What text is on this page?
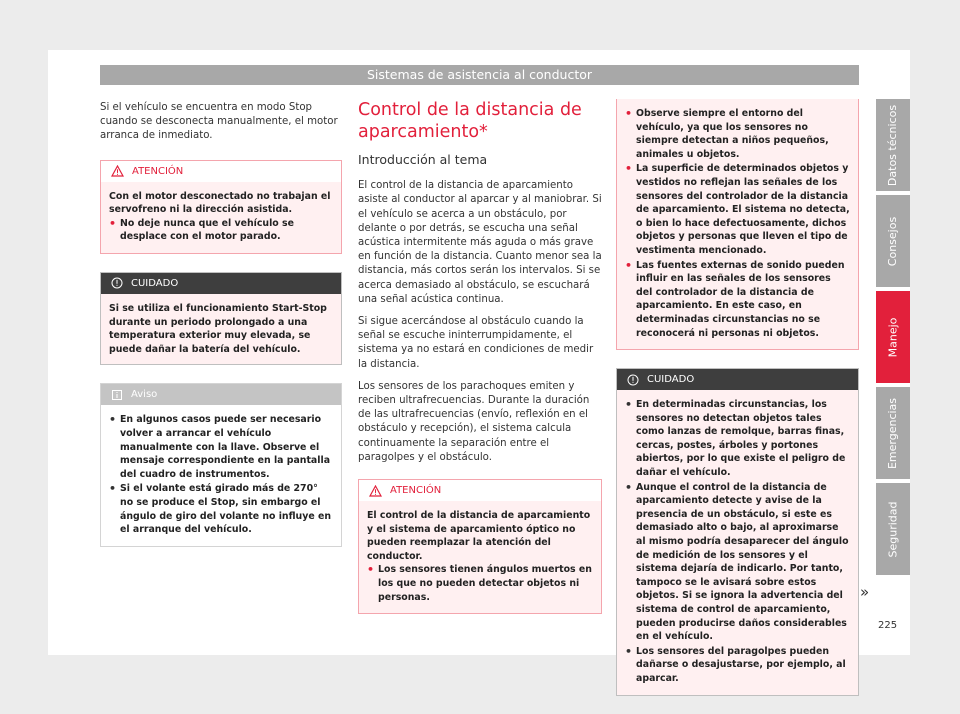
Sistemas de asistencia al conductor

Si el vehículo se encuentra en modo Stop cuando se desconecta manualmente, el motor arranca de inmediato.

ATENCIÓN
Con el motor desconectado no trabajan el servofreno ni la dirección asistida.
• No deje nunca que el vehículo se desplace con el motor parado.
CUIDADO
Si se utiliza el funcionamiento Start-Stop durante un periodo prolongado a una temperatura exterior muy elevada, se puede dañar la batería del vehículo.
Aviso
• En algunos casos puede ser necesario volver a arrancar el vehículo manualmente con la llave. Observe el mensaje correspondiente en la pantalla del cuadro de instrumentos.
• Si el volante está girado más de 270° no se produce el Stop, sin embargo el ángulo de giro del volante no influye en el arranque del vehículo.
Control de la distancia de aparcamiento*
Introducción al tema

El control de la distancia de aparcamiento asiste al conductor al aparcar y al maniobrar. Si el vehículo se acerca a un obstáculo, por delante o por detrás, se escucha una señal acústica intermitente más aguda o más grave en función de la distancia. Cuanto menor sea la distancia, más cortos serán los intervalos. Si se acerca demasiado al obstáculo, se escuchará una señal acústica continua.

Si sigue acercándose al obstáculo cuando la señal se escuche ininterrumpidamente, el sistema ya no estará en condiciones de medir la distancia.

Los sensores de los parachoques emiten y reciben ultrafrecuencias. Durante la duración de las ultrafrecuencias (envío, reflexión en el obstáculo y recepción), el sistema calcula continuamente la separación entre el paragolpes y el obstáculo.

ATENCIÓN
El control de la distancia de aparcamiento y el sistema de aparcamiento óptico no pueden reemplazar la atención del conductor.
• Los sensores tienen ángulos muertos en los que no pueden detectar objetos ni personas.
• Observe siempre el entorno del vehículo, ya que los sensores no siempre detectan a niños pequeños, animales u objetos.
• La superficie de determinados objetos y vestidos no reflejan las señales de los sensores del controlador de la distancia de aparcamiento. El sistema no detecta, o bien lo hace defectuosamente, dichos objetos y personas que lleven el tipo de vestimenta mencionado.
• Las fuentes externas de sonido pueden influir en las señales de los sensores del controlador de la distancia de aparcamiento. En este caso, en determinadas circunstancias no se reconocerá ni personas ni objetos.
CUIDADO
• En determinadas circunstancias, los sensores no detectan objetos tales como lanzas de remolque, barras finas, cercas, postes, árboles y portones abiertos, por lo que existe el peligro de dañar el vehículo.
• Aunque el control de la distancia de aparcamiento detecte y avise de la presencia de un obstáculo, si este es demasiado alto o bajo, al aproximarse al mismo podría desaparecer del ángulo de medición de los sensores y el sistema dejaría de indicarlo. Por tanto, tampoco se le avisará sobre estos objetos. Si se ignora la advertencia del sistema de control de aparcamiento, pueden producirse daños considerables en el vehículo.
• Los sensores del paragolpes pueden dañarse o desajustarse, por ejemplo, al aparcar.
»
Datos técnicos
Consejos
Manejo
Emergencias
Seguridad
225
